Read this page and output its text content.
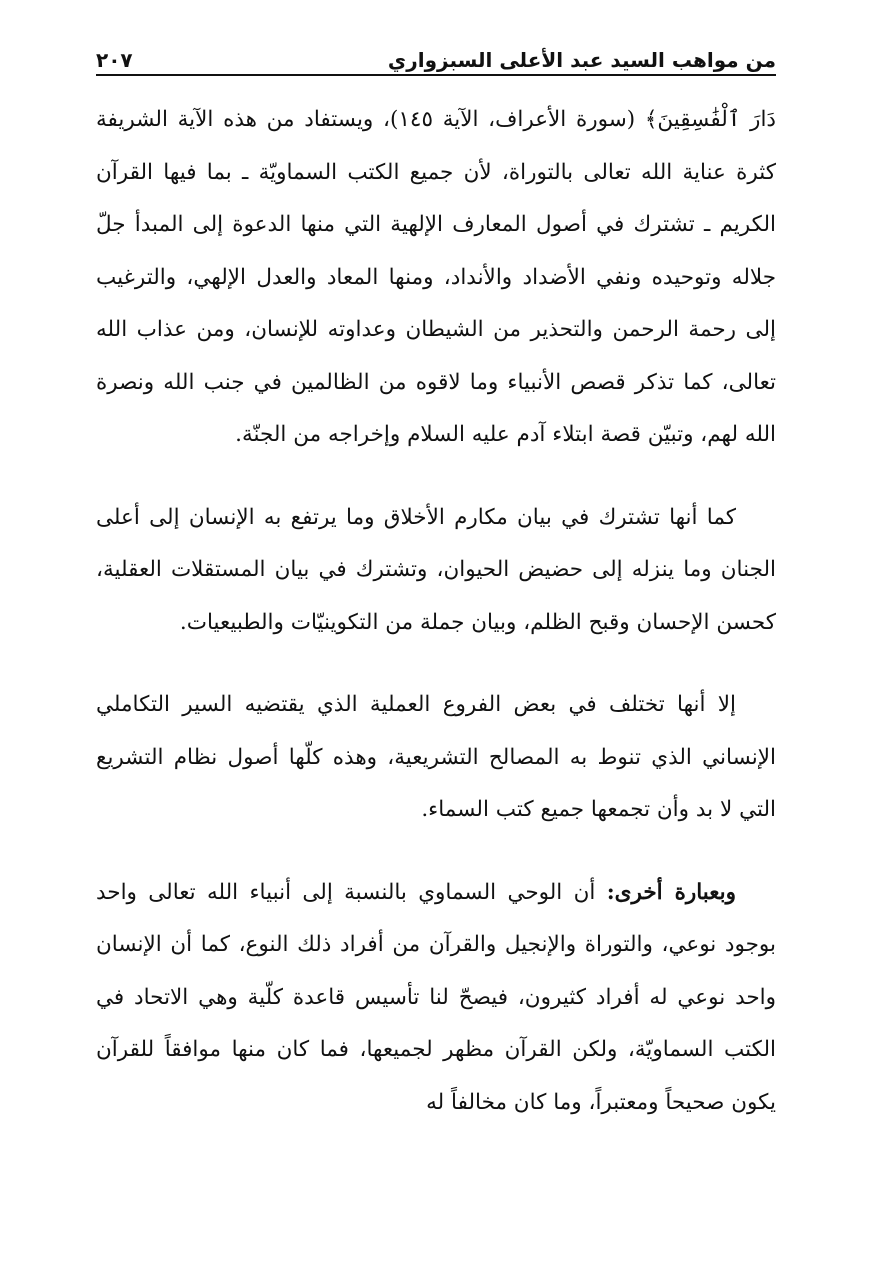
من مواهب السيد عبد الأعلى السبزواري
٢٠٧

دَارَ ٱلْفَٰسِقِينَ﴾ (سورة الأعراف، الآية ١٤٥)، ويستفاد من هذه الآية الشريفة كثرة عناية الله تعالى بالتوراة، لأن جميع الكتب السماويّة ـ بما فيها القرآن الكريم ـ تشترك في أصول المعارف الإلهية التي منها الدعوة إلى المبدأ جلّ جلاله وتوحيده ونفي الأضداد والأنداد، ومنها المعاد والعدل الإلهي، والترغيب إلى رحمة الرحمن والتحذير من الشيطان وعداوته للإنسان، ومن عذاب الله تعالى، كما تذكر قصص الأنبياء وما لاقوه من الظالمين في جنب الله ونصرة الله لهم، وتبيّن قصة ابتلاء آدم عليه السلام وإخراجه من الجنّة.

كما أنها تشترك في بيان مكارم الأخلاق وما يرتفع به الإنسان إلى أعلى الجنان وما ينزله إلى حضيض الحيوان، وتشترك في بيان المستقلات العقلية، كحسن الإحسان وقبح الظلم، وبيان جملة من التكوينيّات والطبيعيات.

إلا أنها تختلف في بعض الفروع العملية الذي يقتضيه السير التكاملي الإنساني الذي تنوط به المصالح التشريعية، وهذه كلّها أصول نظام التشريع التي لا بد وأن تجمعها جميع كتب السماء.

وبعبارة أخرى: أن الوحي السماوي بالنسبة إلى أنبياء الله تعالى واحد بوجود نوعي، والتوراة والإنجيل والقرآن من أفراد ذلك النوع، كما أن الإنسان واحد نوعي له أفراد كثيرون، فيصحّ لنا تأسيس قاعدة كلّية وهي الاتحاد في الكتب السماويّة، ولكن القرآن مظهر لجميعها، فما كان منها موافقاً للقرآن يكون صحيحاً ومعتبراً، وما كان مخالفاً له
